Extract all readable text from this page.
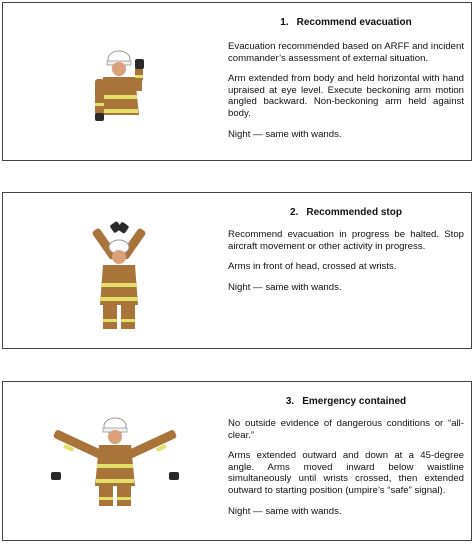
1. Recommend evacuation

Evacuation recommended based on ARFF and incident commander’s assessment of external situation.

Arm extended from body and held horizontal with hand upraised at eye level. Execute beckoning arm motion angled backward. Non-beckoning arm held against body.

Night — same with wands.

2. Recommended stop

Recommend evacuation in progress be halted. Stop aircraft movement or other activity in progress.

Arms in front of head, crossed at wrists.

Night — same with wands.

3. Emergency contained

No outside evidence of dangerous conditions or “all-clear.”

Arms extended outward and down at a 45-degree angle. Arms moved inward below waistline simultaneously until wrists crossed, then extended outward to starting position (umpire’s “safe” signal).

Night — same with wands.
